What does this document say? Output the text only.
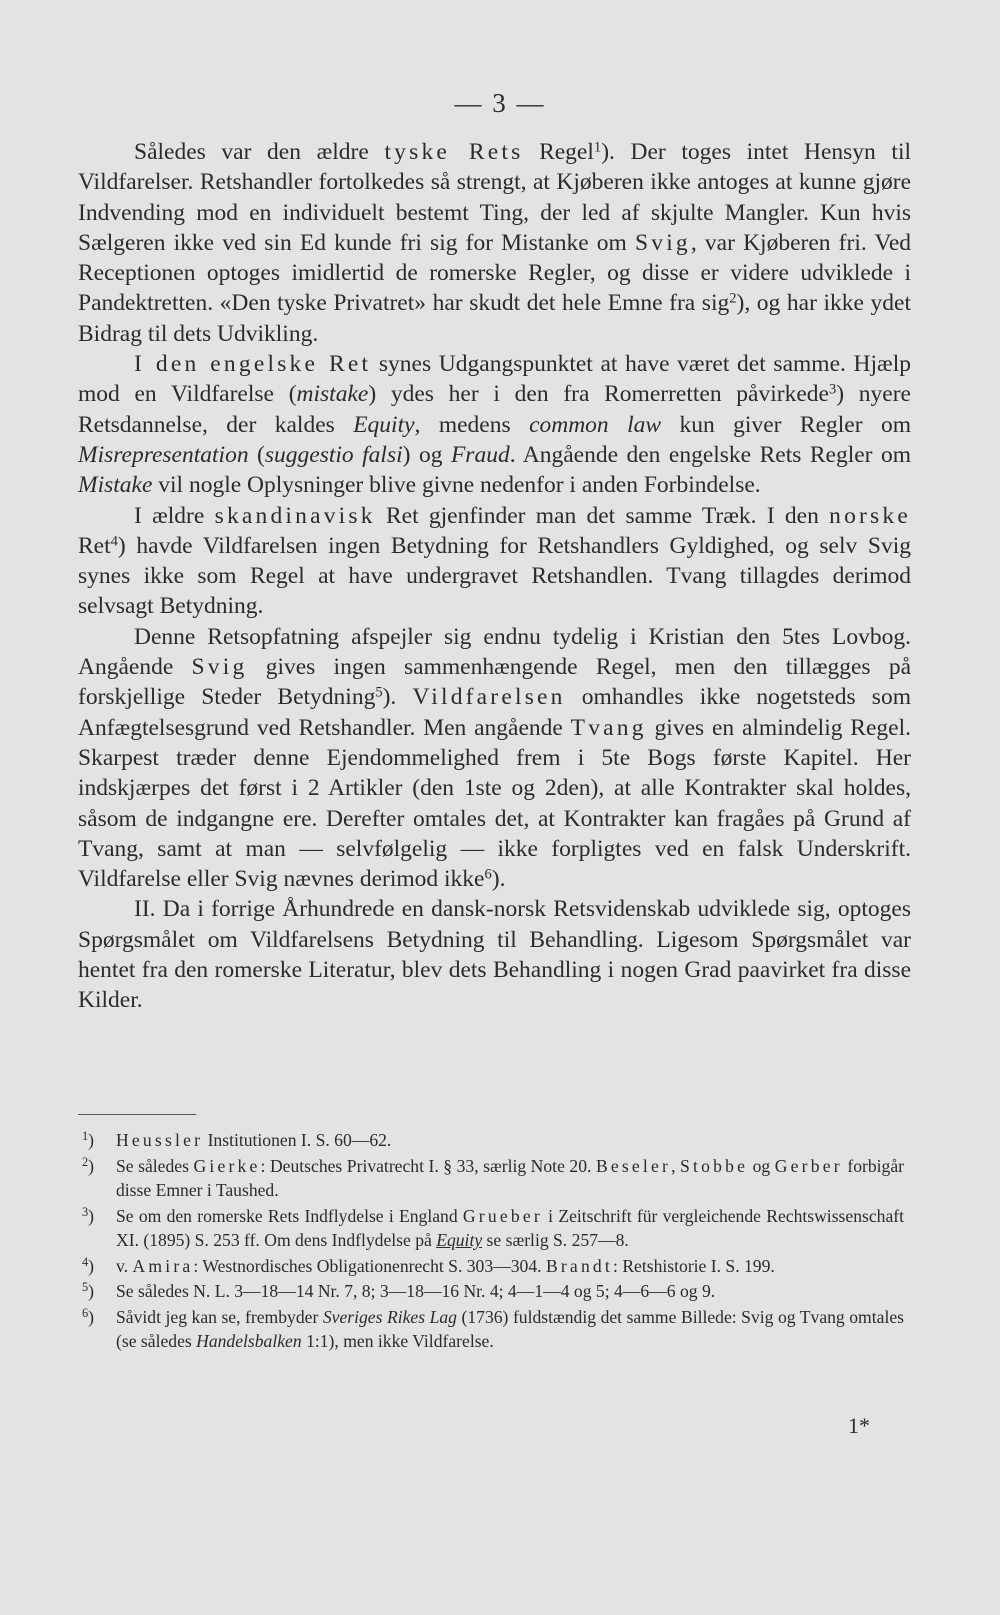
— 3 —

Således var den ældre tyske Rets Regel$^1$). Der toges intet Hensyn til Vildfarelser. Retshandler fortolkedes så strengt, at Kjøberen ikke antoges at kunne gjøre Indvending mod en individuelt bestemt Ting, der led af skjulte Mangler. Kun hvis Sælgeren ikke ved sin Ed kunde fri sig for Mistanke om Svig, var Kjøberen fri. Ved Receptionen optoges imidlertid de romerske Regler, og disse er videre udviklede i Pandektretten. «Den tyske Privatret» har skudt det hele Emne fra sig$^2$), og har ikke ydet Bidrag til dets Udvikling.

I den engelske Ret synes Udgangspunktet at have været det samme. Hjælp mod en Vildfarelse (mistake) ydes her i den fra Romerretten påvirkede$^3$) nyere Retsdannelse, der kaldes Equity, medens common law kun giver Regler om Misrepresentation (suggestio falsi) og Fraud. Angående den engelske Rets Regler om Mistake vil nogle Oplysninger blive givne nedenfor i anden Forbindelse.

I ældre skandinavisk Ret gjenfinder man det samme Træk. I den norske Ret$^4$) havde Vildfarelsen ingen Betydning for Retshandlers Gyldighed, og selv Svig synes ikke som Regel at have undergravet Retshandlen. Tvang tillagdes derimod selvsagt Betydning.

Denne Retsopfatning afspejler sig endnu tydelig i Kristian den 5tes Lovbog. Angående Svig gives ingen sammenhængende Regel, men den tillægges på forskjellige Steder Betydning$^5$). Vildfarelsen omhandles ikke nogetsteds som Anfægtelsesgrund ved Retshandler. Men angående Tvang gives en almindelig Regel. Skarpest træder denne Ejendommelighed frem i 5te Bogs første Kapitel. Her indskjærpes det først i 2 Artikler (den 1ste og 2den), at alle Kontrakter skal holdes, såsom de indgangne ere. Derefter omtales det, at Kontrakter kan fragåes på Grund af Tvang, samt at man — selvfølgelig — ikke forpligtes ved en falsk Underskrift. Vildfarelse eller Svig nævnes derimod ikke$^6$).

II. Da i forrige Århundrede en dansk-norsk Retsvidenskab udviklede sig, optoges Spørgsmålet om Vildfarelsens Betydning til Behandling. Ligesom Spørgsmålet var hentet fra den romerske Literatur, blev dets Behandling i nogen Grad paavirket fra disse Kilder.

$^1$)	Heussler Institutionen I. S. 60—62.
$^2$)	Se således Gierke: Deutsches Privatrecht I. § 33, særlig Note 20. Beseler, Stobbe og Gerber forbigår disse Emner i Taushed.
$^3$)	Se om den romerske Rets Indflydelse i England Grueber i Zeitschrift für vergleichende Rechtswissenschaft XI. (1895) S. 253 ff. Om dens Indflydelse på Equity se særlig S. 257—8.
$^4$)	v. Amira: Westnordisches Obligationenrecht S. 303—304. Brandt: Retshistorie I. S. 199.
$^5$)	Se således N. L. 3—18—14 Nr. 7, 8; 3—18—16 Nr. 4; 4—1—4 og 5; 4—6—6 og 9.
$^6$)	Såvidt jeg kan se, frembyder Sveriges Rikes Lag (1736) fuldstændig det samme Billede: Svig og Tvang omtales (se således Handelsbalken 1:1), men ikke Vildfarelse.
1*
